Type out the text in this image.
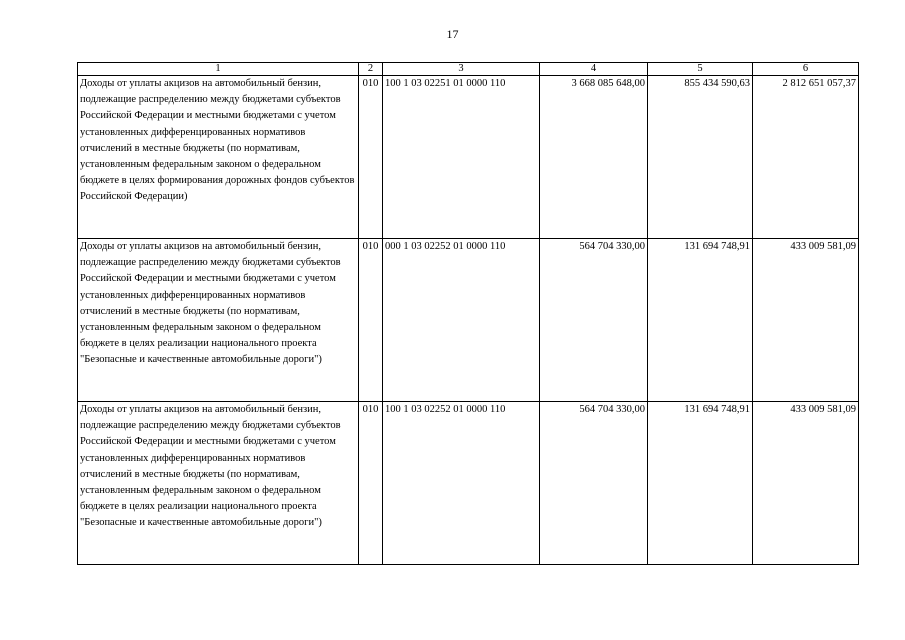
17
1	2	3	4	5	6

Доходы от уплаты акцизов на автомобильный бензин, подлежащие распределению между бюджетами субъектов Российской Федерации и местными бюджетами с учетом установленных дифференцированных нормативов отчислений в местные бюджеты (по нормативам, установленным федеральным законом о федеральном бюджете в целях формирования дорожных фондов субъектов Российской Федерации)	010	100 1 03 02251 01 0000 110	3 668 085 648,00	855 434 590,63	2 812 651 057,37

Доходы от уплаты акцизов на автомобильный бензин, подлежащие распределению между бюджетами субъектов Российской Федерации и местными бюджетами с учетом установленных дифференцированных нормативов отчислений в местные бюджеты (по нормативам, установленным федеральным законом о федеральном бюджете в целях реализации национального проекта "Безопасные и качественные автомобильные дороги")	010	000 1 03 02252 01 0000 110	564 704 330,00	131 694 748,91	433 009 581,09

Доходы от уплаты акцизов на автомобильный бензин, подлежащие распределению между бюджетами субъектов Российской Федерации и местными бюджетами с учетом установленных дифференцированных нормативов отчислений в местные бюджеты (по нормативам, установленным федеральным законом о федеральном бюджете в целях реализации национального проекта "Безопасные и качественные автомобильные дороги")	010	100 1 03 02252 01 0000 110	564 704 330,00	131 694 748,91	433 009 581,09
